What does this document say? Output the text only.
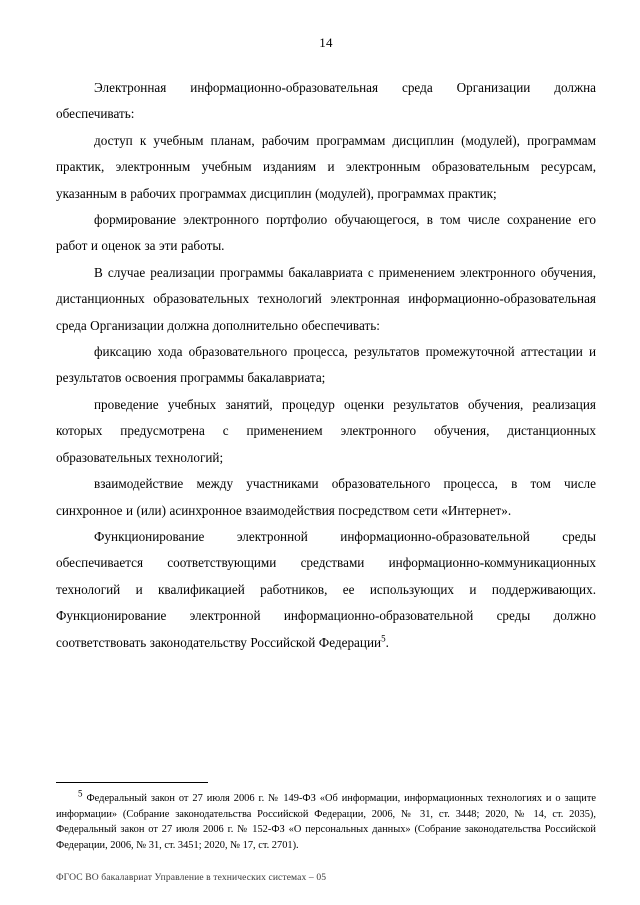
14

Электронная информационно-образовательная среда Организации должна обеспечивать:

доступ к учебным планам, рабочим программам дисциплин (модулей), программам практик, электронным учебным изданиям и электронным образовательным ресурсам, указанным в рабочих программах дисциплин (модулей), программах практик;

формирование электронного портфолио обучающегося, в том числе сохранение его работ и оценок за эти работы.

В случае реализации программы бакалавриата с применением электронного обучения, дистанционных образовательных технологий электронная информационно-образовательная среда Организации должна дополнительно обеспечивать:

фиксацию хода образовательного процесса, результатов промежуточной аттестации и результатов освоения программы бакалавриата;

проведение учебных занятий, процедур оценки результатов обучения, реализация которых предусмотрена с применением электронного обучения, дистанционных образовательных технологий;

взаимодействие между участниками образовательного процесса, в том числе синхронное и (или) асинхронное взаимодействия посредством сети «Интернет».

Функционирование электронной информационно-образовательной среды обеспечивается соответствующими средствами информационно-коммуникационных технологий и квалификацией работников, ее использующих и поддерживающих. Функционирование электронной информационно-образовательной среды должно соответствовать законодательству Российской Федерации$^5$.

5 Федеральный закон от 27 июля 2006 г. № 149-ФЗ «Об информации, информационных технологиях и о защите информации» (Собрание законодательства Российской Федерации, 2006, № 31, ст. 3448; 2020, № 14, ст. 2035), Федеральный закон от 27 июля 2006 г. № 152-ФЗ «О персональных данных» (Собрание законодательства Российской Федерации, 2006, № 31, ст. 3451; 2020, № 17, ст. 2701).

ФГОС ВО бакалавриат Управление в технических системах – 05
